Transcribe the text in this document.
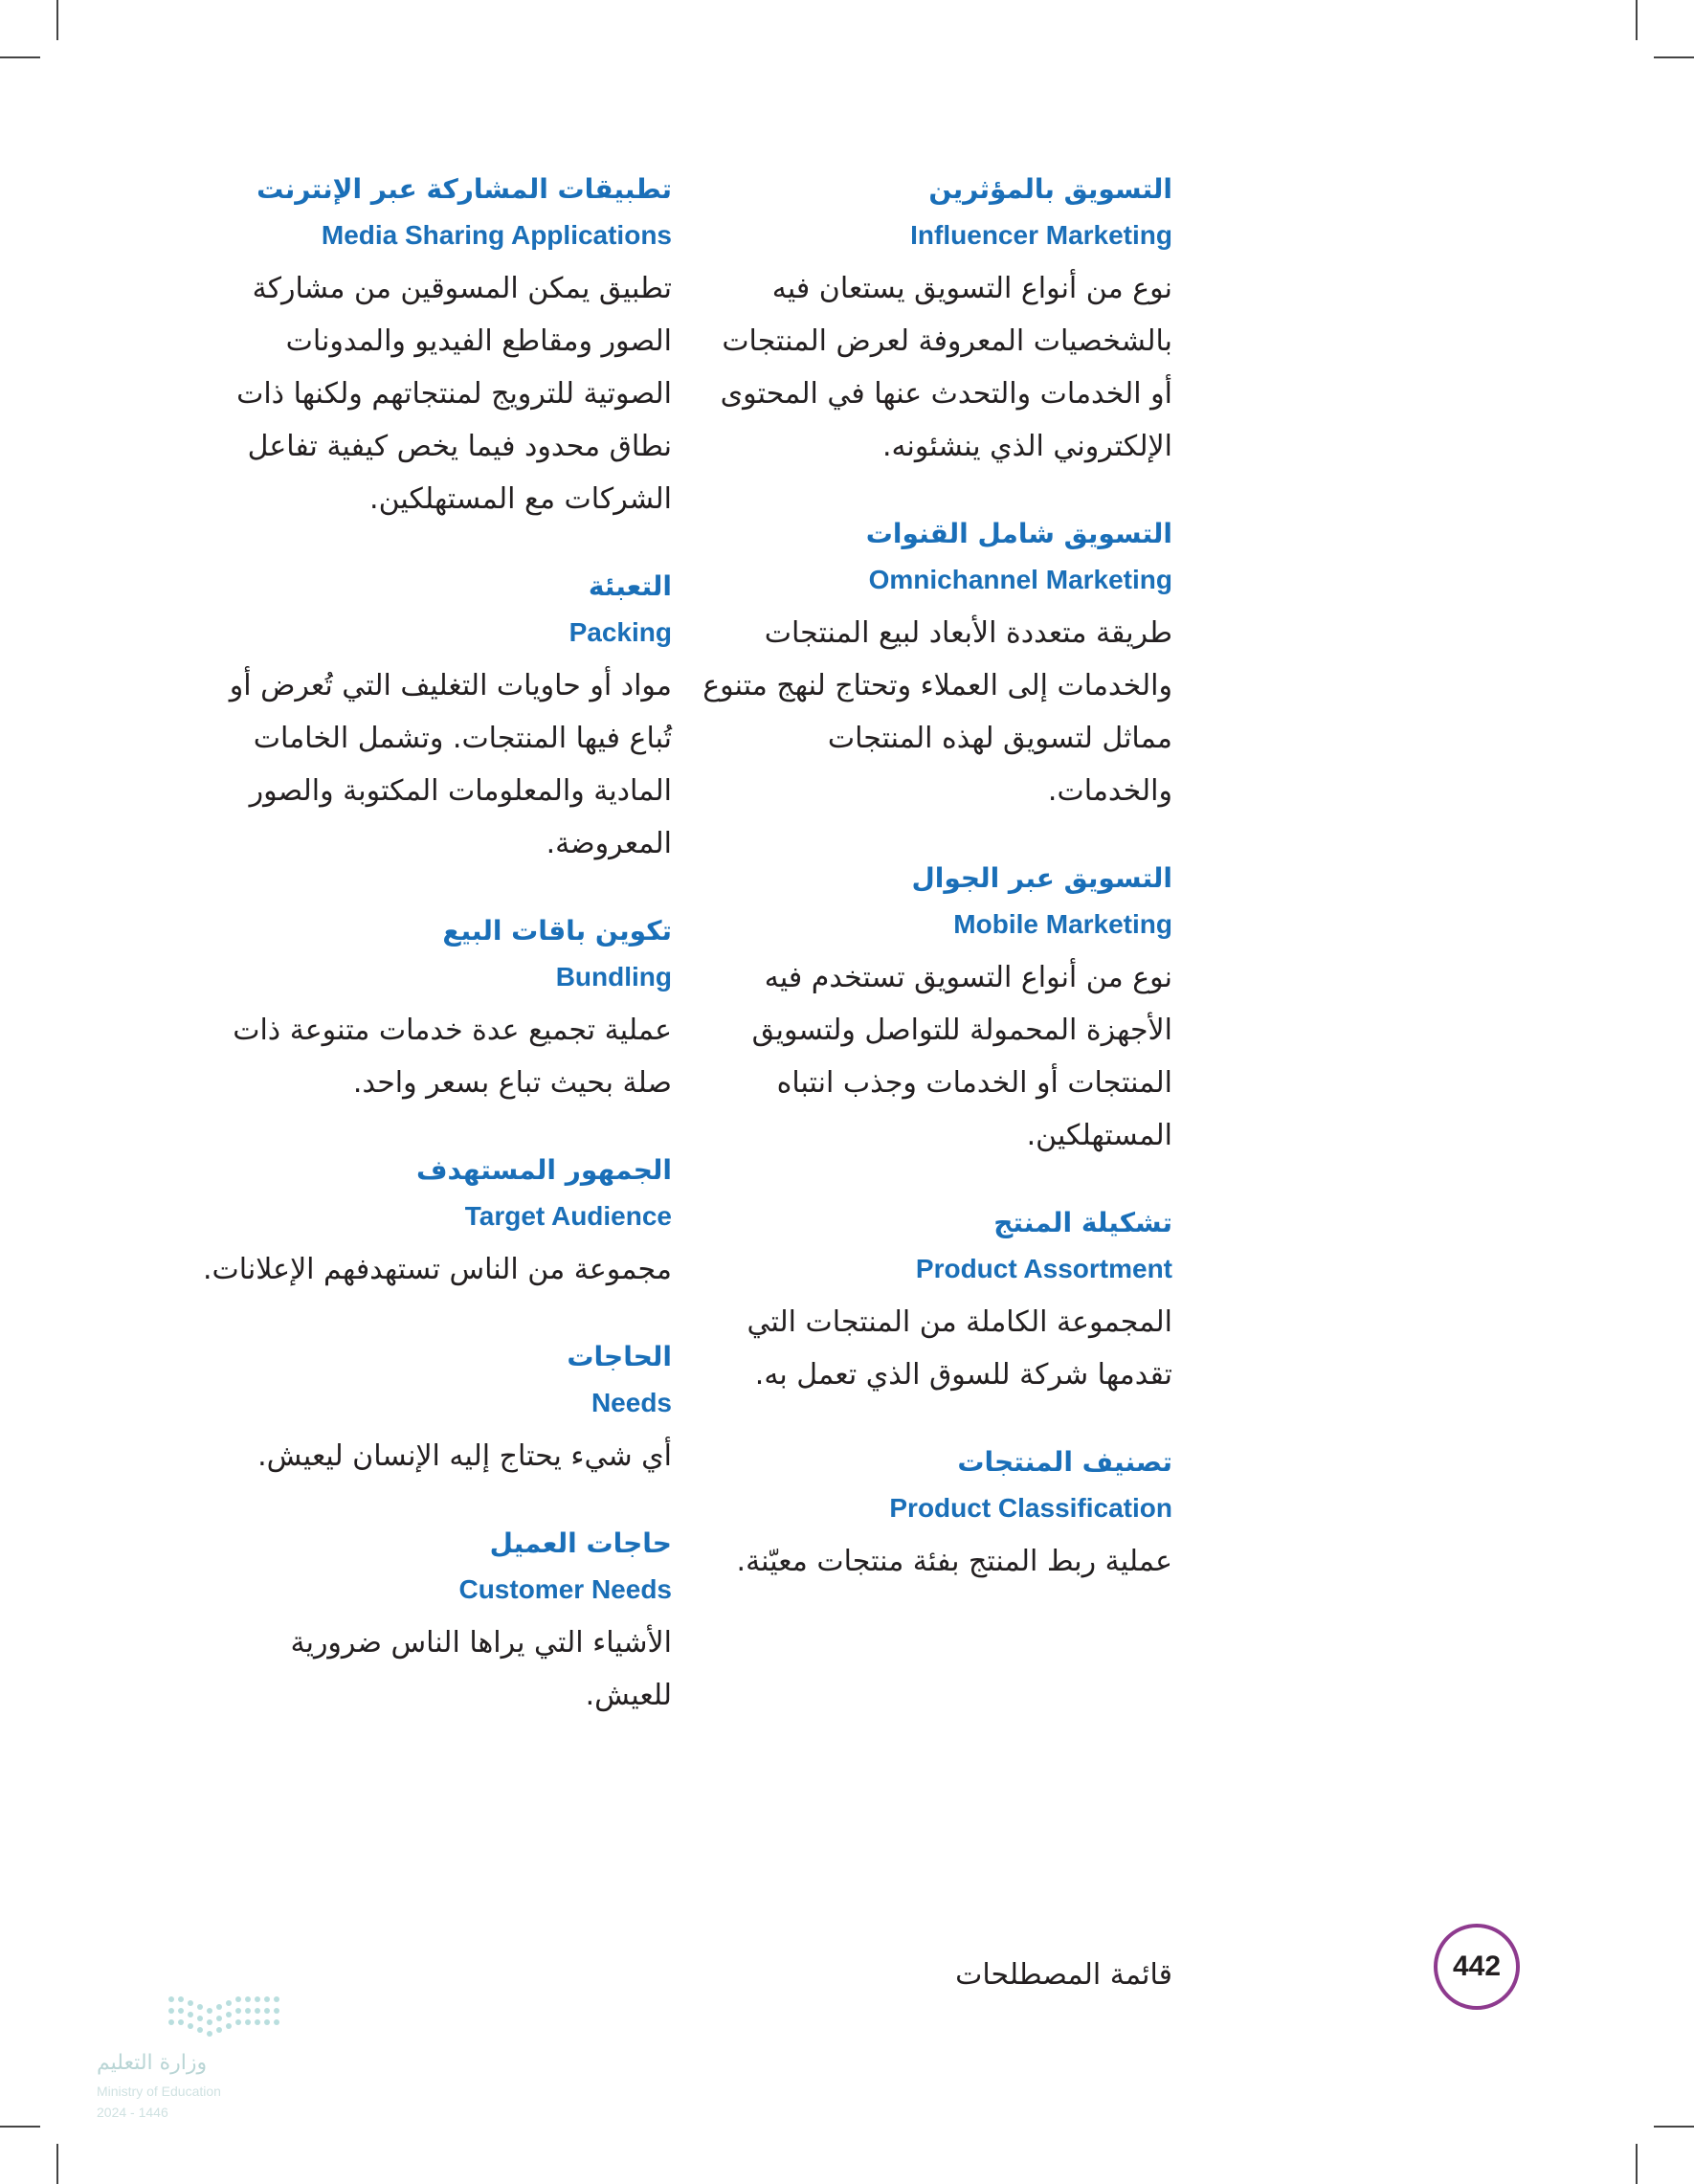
التسويق بالمؤثرين

Influencer Marketing

نوع من أنواع التسويق يستعان فيه بالشخصيات المعروفة لعرض المنتجات أو الخدمات والتحدث عنها في المحتوى الإلكتروني الذي ينشئونه.

التسويق شامل القنوات

Omnichannel Marketing

طريقة متعددة الأبعاد لبيع المنتجات والخدمات إلى العملاء وتحتاج لنهج متنوع مماثل لتسويق لهذه المنتجات والخدمات.

التسويق عبر الجوال

Mobile Marketing

نوع من أنواع التسويق تستخدم فيه الأجهزة المحمولة للتواصل ولتسويق المنتجات أو الخدمات وجذب انتباه المستهلكين.

تشكيلة المنتج

Product Assortment

المجموعة الكاملة من المنتجات التي تقدمها شركة للسوق الذي تعمل به.

تصنيف المنتجات

Product Classification

عملية ربط المنتج بفئة منتجات معيّنة.

تطبيقات المشاركة عبر الإنترنت

Media Sharing Applications

تطبيق يمكن المسوقين من مشاركة الصور ومقاطع الفيديو والمدونات الصوتية للترويج لمنتجاتهم ولكنها ذات نطاق محدود فيما يخص كيفية تفاعل الشركات مع المستهلكين.

التعبئة

Packing

مواد أو حاويات التغليف التي تُعرض أو تُباع فيها المنتجات. وتشمل الخامات المادية والمعلومات المكتوبة والصور المعروضة.

تكوين باقات البيع

Bundling

عملية تجميع عدة خدمات متنوعة ذات صلة بحيث تباع بسعر واحد.

الجمهور المستهدف

Target Audience

مجموعة من الناس تستهدفهم الإعلانات.

الحاجات

Needs

أي شيء يحتاج إليه الإنسان ليعيش.

حاجات العميل

Customer Needs

الأشياء التي يراها الناس ضرورية للعيش.

قائمة المصطلحات	442
وزارة التعليم
Ministry of Education
2024 - 1446
